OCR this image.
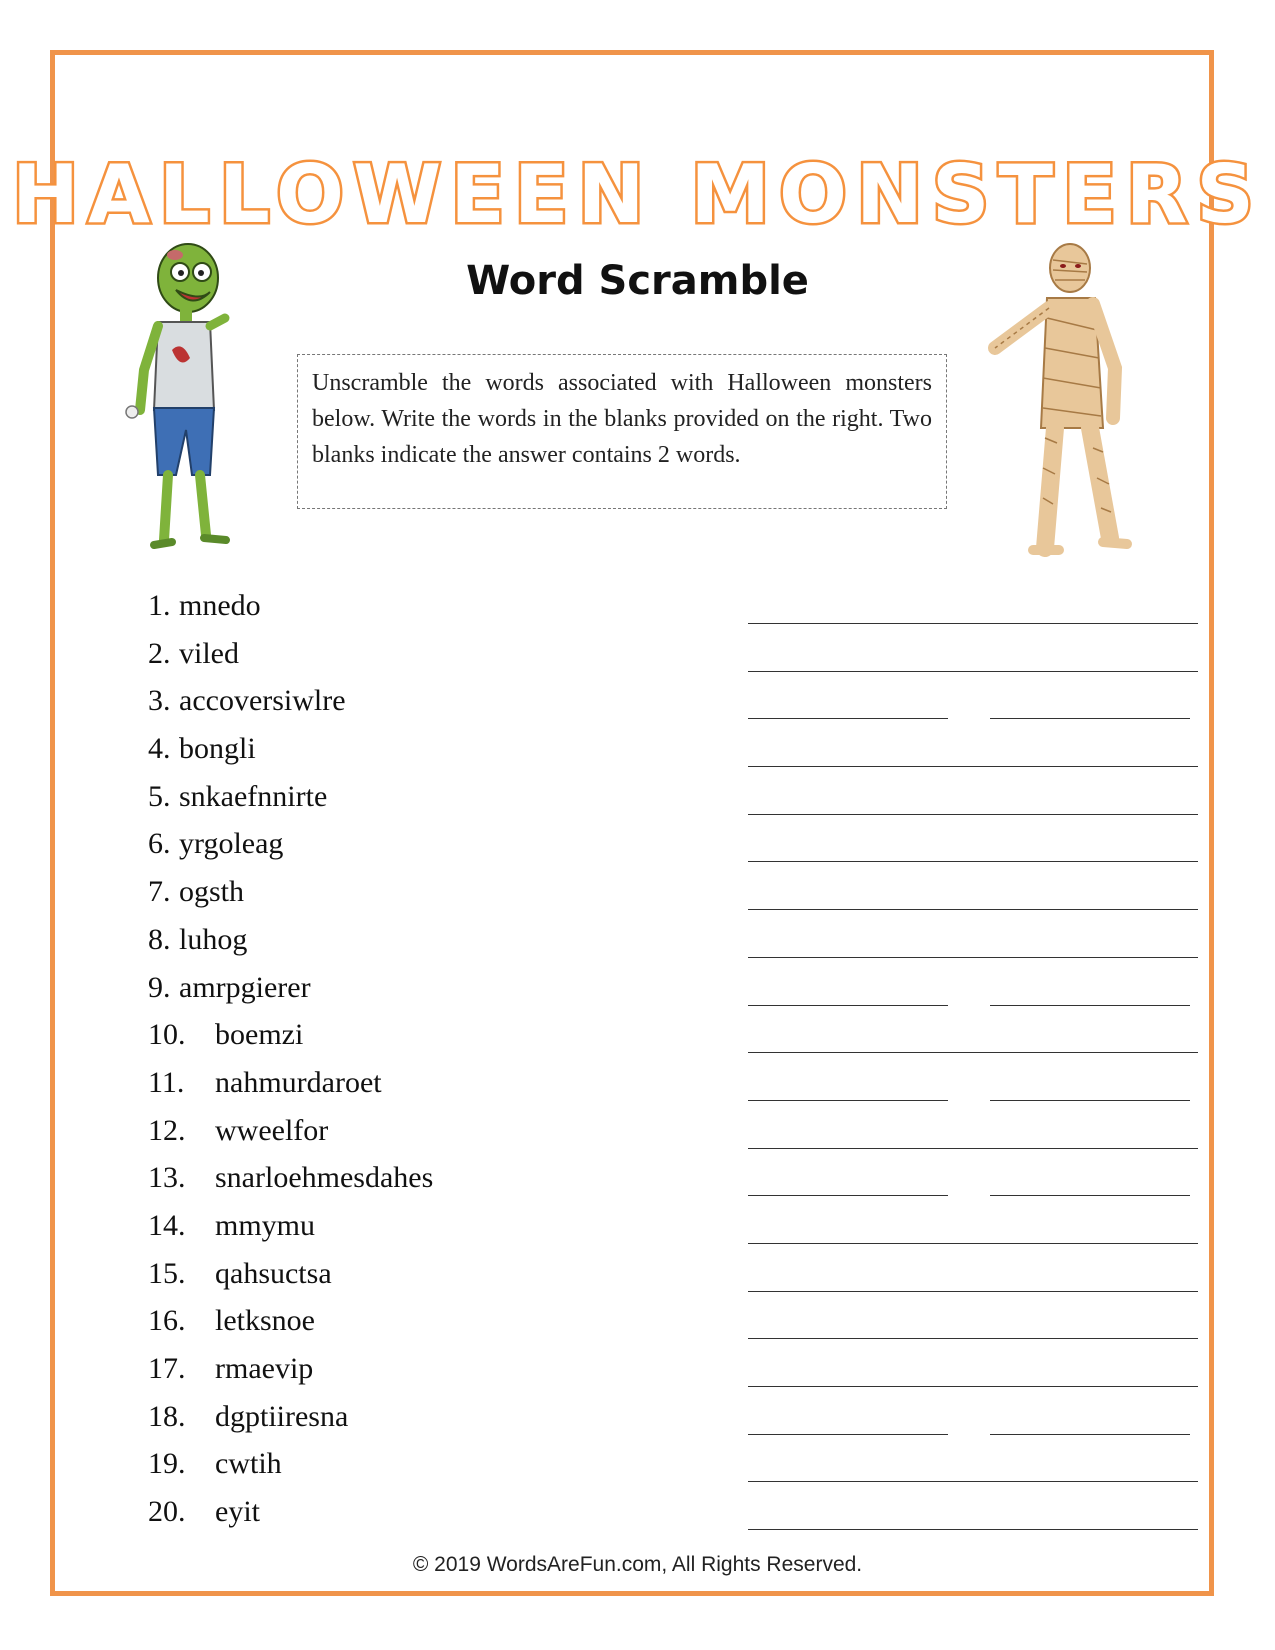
HALLOWEEN MONSTERS
Word Scramble
Unscramble the words associated with Halloween monsters below. Write the words in the blanks provided on the right. Two blanks indicate the answer contains 2 words.
1. mnedo
2. viled
3. accoversiwlre
4. bongli
5. snkaefnnirte
6. yrgoleag
7. ogsth
8. luhog
9. amrpgierer
10. boemzi
11. nahmurdaroet
12. wweelfor
13. snarloehmesdahes
14. mmymu
15. qahsuctsa
16. letksnoe
17. rmaevip
18. dgptiiresna
19. cwtih
20. eyit
© 2019 WordsAreFun.com, All Rights Reserved.
